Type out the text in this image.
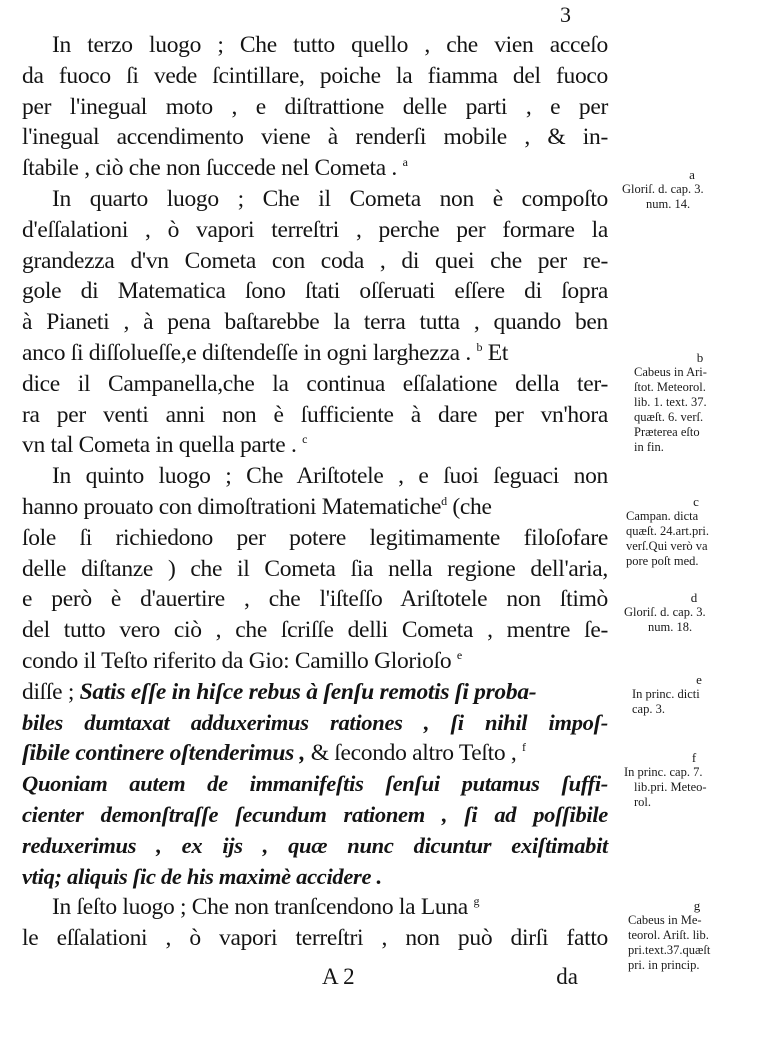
3
In terzo luogo ; Che tutto quello , che vien acceſo
da fuoco ſi vede ſcintillare, poiche la fiamma del fuoco
per l'inegual moto , e diſtrattione delle parti , e per
l'inegual accendimento viene à renderſi mobile , & in-
ſtabile , ciò che non ſuccede nel Cometa . $^a$
In quarto luogo ; Che il Cometa non è compoſto
d'eſſalationi , ò vapori terreſtri , perche per formare la
grandezza d'vn Cometa con coda , di quei che per re-
gole di Matematica ſono ſtati oſſeruati eſſere di ſopra
à Pianeti , à pena baſtarebbe la terra tutta , quando ben
anco ſi diſſolueſſe,e diſtendeſſe in ogni larghezza . $^b$ Et
dice il Campanella,che la continua eſſalatione della ter-
ra per venti anni non è ſufficiente à dare per vn'hora
vn tal Cometa in quella parte . $^c$
In quinto luogo ; Che Ariſtotele , e ſuoi ſeguaci non
hanno prouato con dimoſtrationi Matematiche$^d$ (che
ſole ſi richiedono per potere legitimamente filoſofare
delle diſtanze ) che il Cometa ſia nella regione dell'aria,
e però è d'auertire , che l'iſteſſo Ariſtotele non ſtimò
del tutto vero ciò , che ſcriſſe delli Cometa , mentre ſe-
condo il Teſto riferito da Gio: Camillo Glorioſo $^e$
diſſe ; Satis eſſe in hiſce rebus à ſenſu remotis ſi proba-
biles dumtaxat adduxerimus rationes , ſi nihil impoſ-
ſibile continere oſtenderimus , & ſecondo altro Teſto , $^f$
Quoniam autem de immanifeſtis ſenſui putamus ſuffi-
cienter demonſtraſſe ſecundum rationem , ſi ad poſſibile
reduxerimus , ex ijs , quæ nunc dicuntur exiſtimabit
vtiq; aliquis ſic de his maximè accidere .
In ſeſto luogo ; Che non tranſcendono la Luna $^g$
le eſſalationi , ò vapori terreſtri , non può dirſi fatto
A 2	da
a
Gloriſ. d. cap. 3.
num. 14.
b
Cabeus in Ari-
ſtot. Meteorol.
lib. 1. text. 37.
quæſt. 6. verſ.
Præterea eſto
in fin.
c
Campan. dicta
quæſt. 24.art.pri.
verſ.Qui verò va
pore poſt med.
d
Gloriſ. d. cap. 3.
num. 18.
e
In princ. dicti
cap. 3.
f
In princ. cap. 7.
lib.pri. Meteo-
rol.
g
Cabeus in Me-
teorol. Ariſt. lib.
pri.text.37.quæſt
pri. in princip.
